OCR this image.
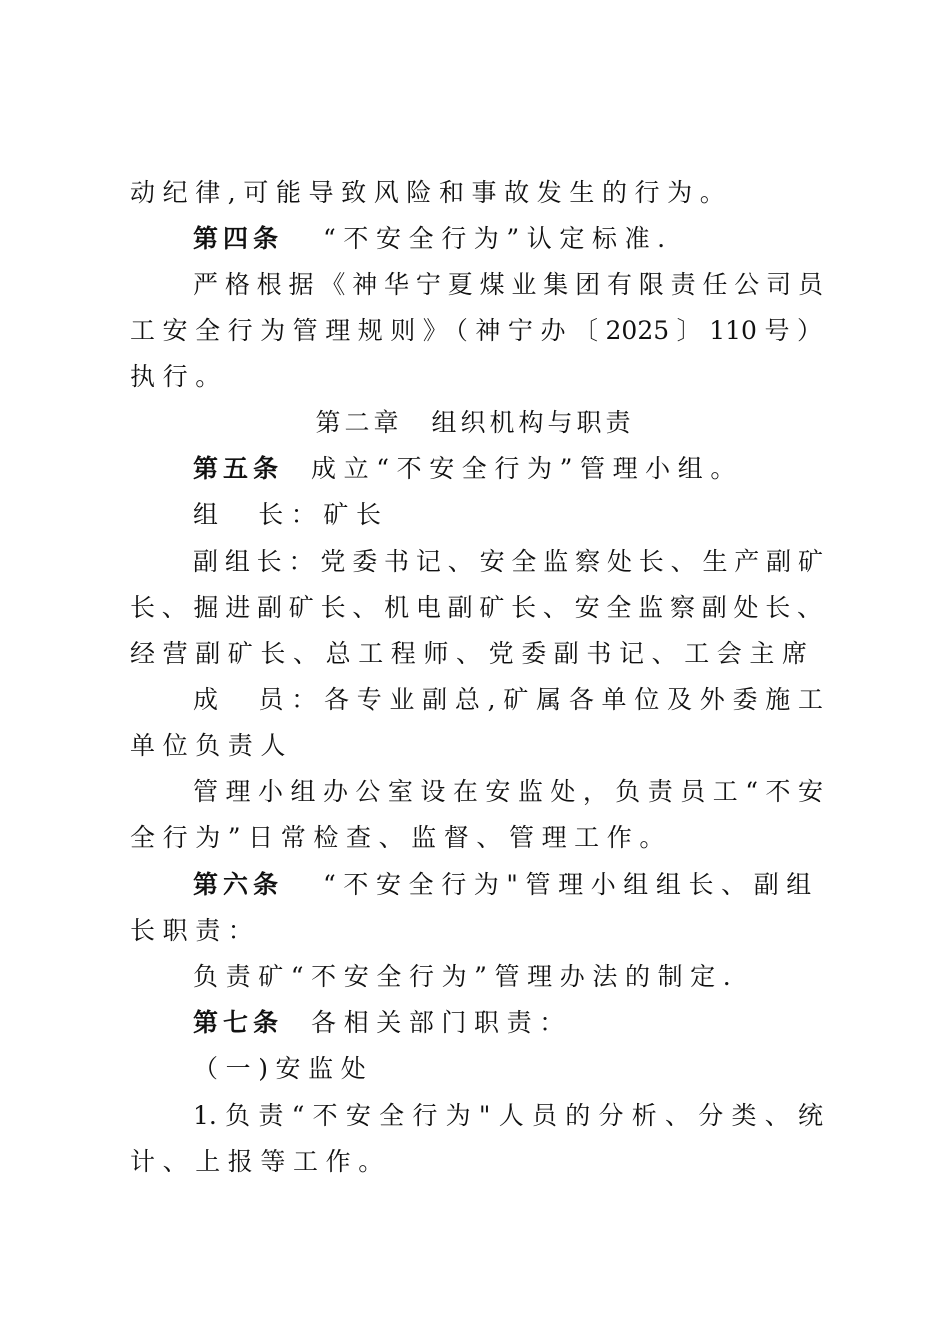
动纪律,可能导致风险和事故发生的行为。
第四条 “不安全行为”认定标准.
严格根据《神华宁夏煤业集团有限责任公司员
工安全行为管理规则》（神宁办〔2025〕110号）
执行。
第二章　组织机构与职责
第五条 成立“不安全行为”管理小组。
组　长：矿长
副组长：党委书记、安全监察处长、生产副矿
长、掘进副矿长、机电副矿长、安全监察副处长、
经营副矿长、总工程师、党委副书记、工会主席
成　员：各专业副总,矿属各单位及外委施工
单位负责人
管理小组办公室设在安监处，负责员工“不安
全行为”日常检查、监督、管理工作。
第六条 “不安全行为"管理小组组长、副组
长职责：
负责矿“不安全行为”管理办法的制定.
第七条 各相关部门职责：
（一)安监处
1.负责“不安全行为"人员的分析、分类、统
计、上报等工作。
